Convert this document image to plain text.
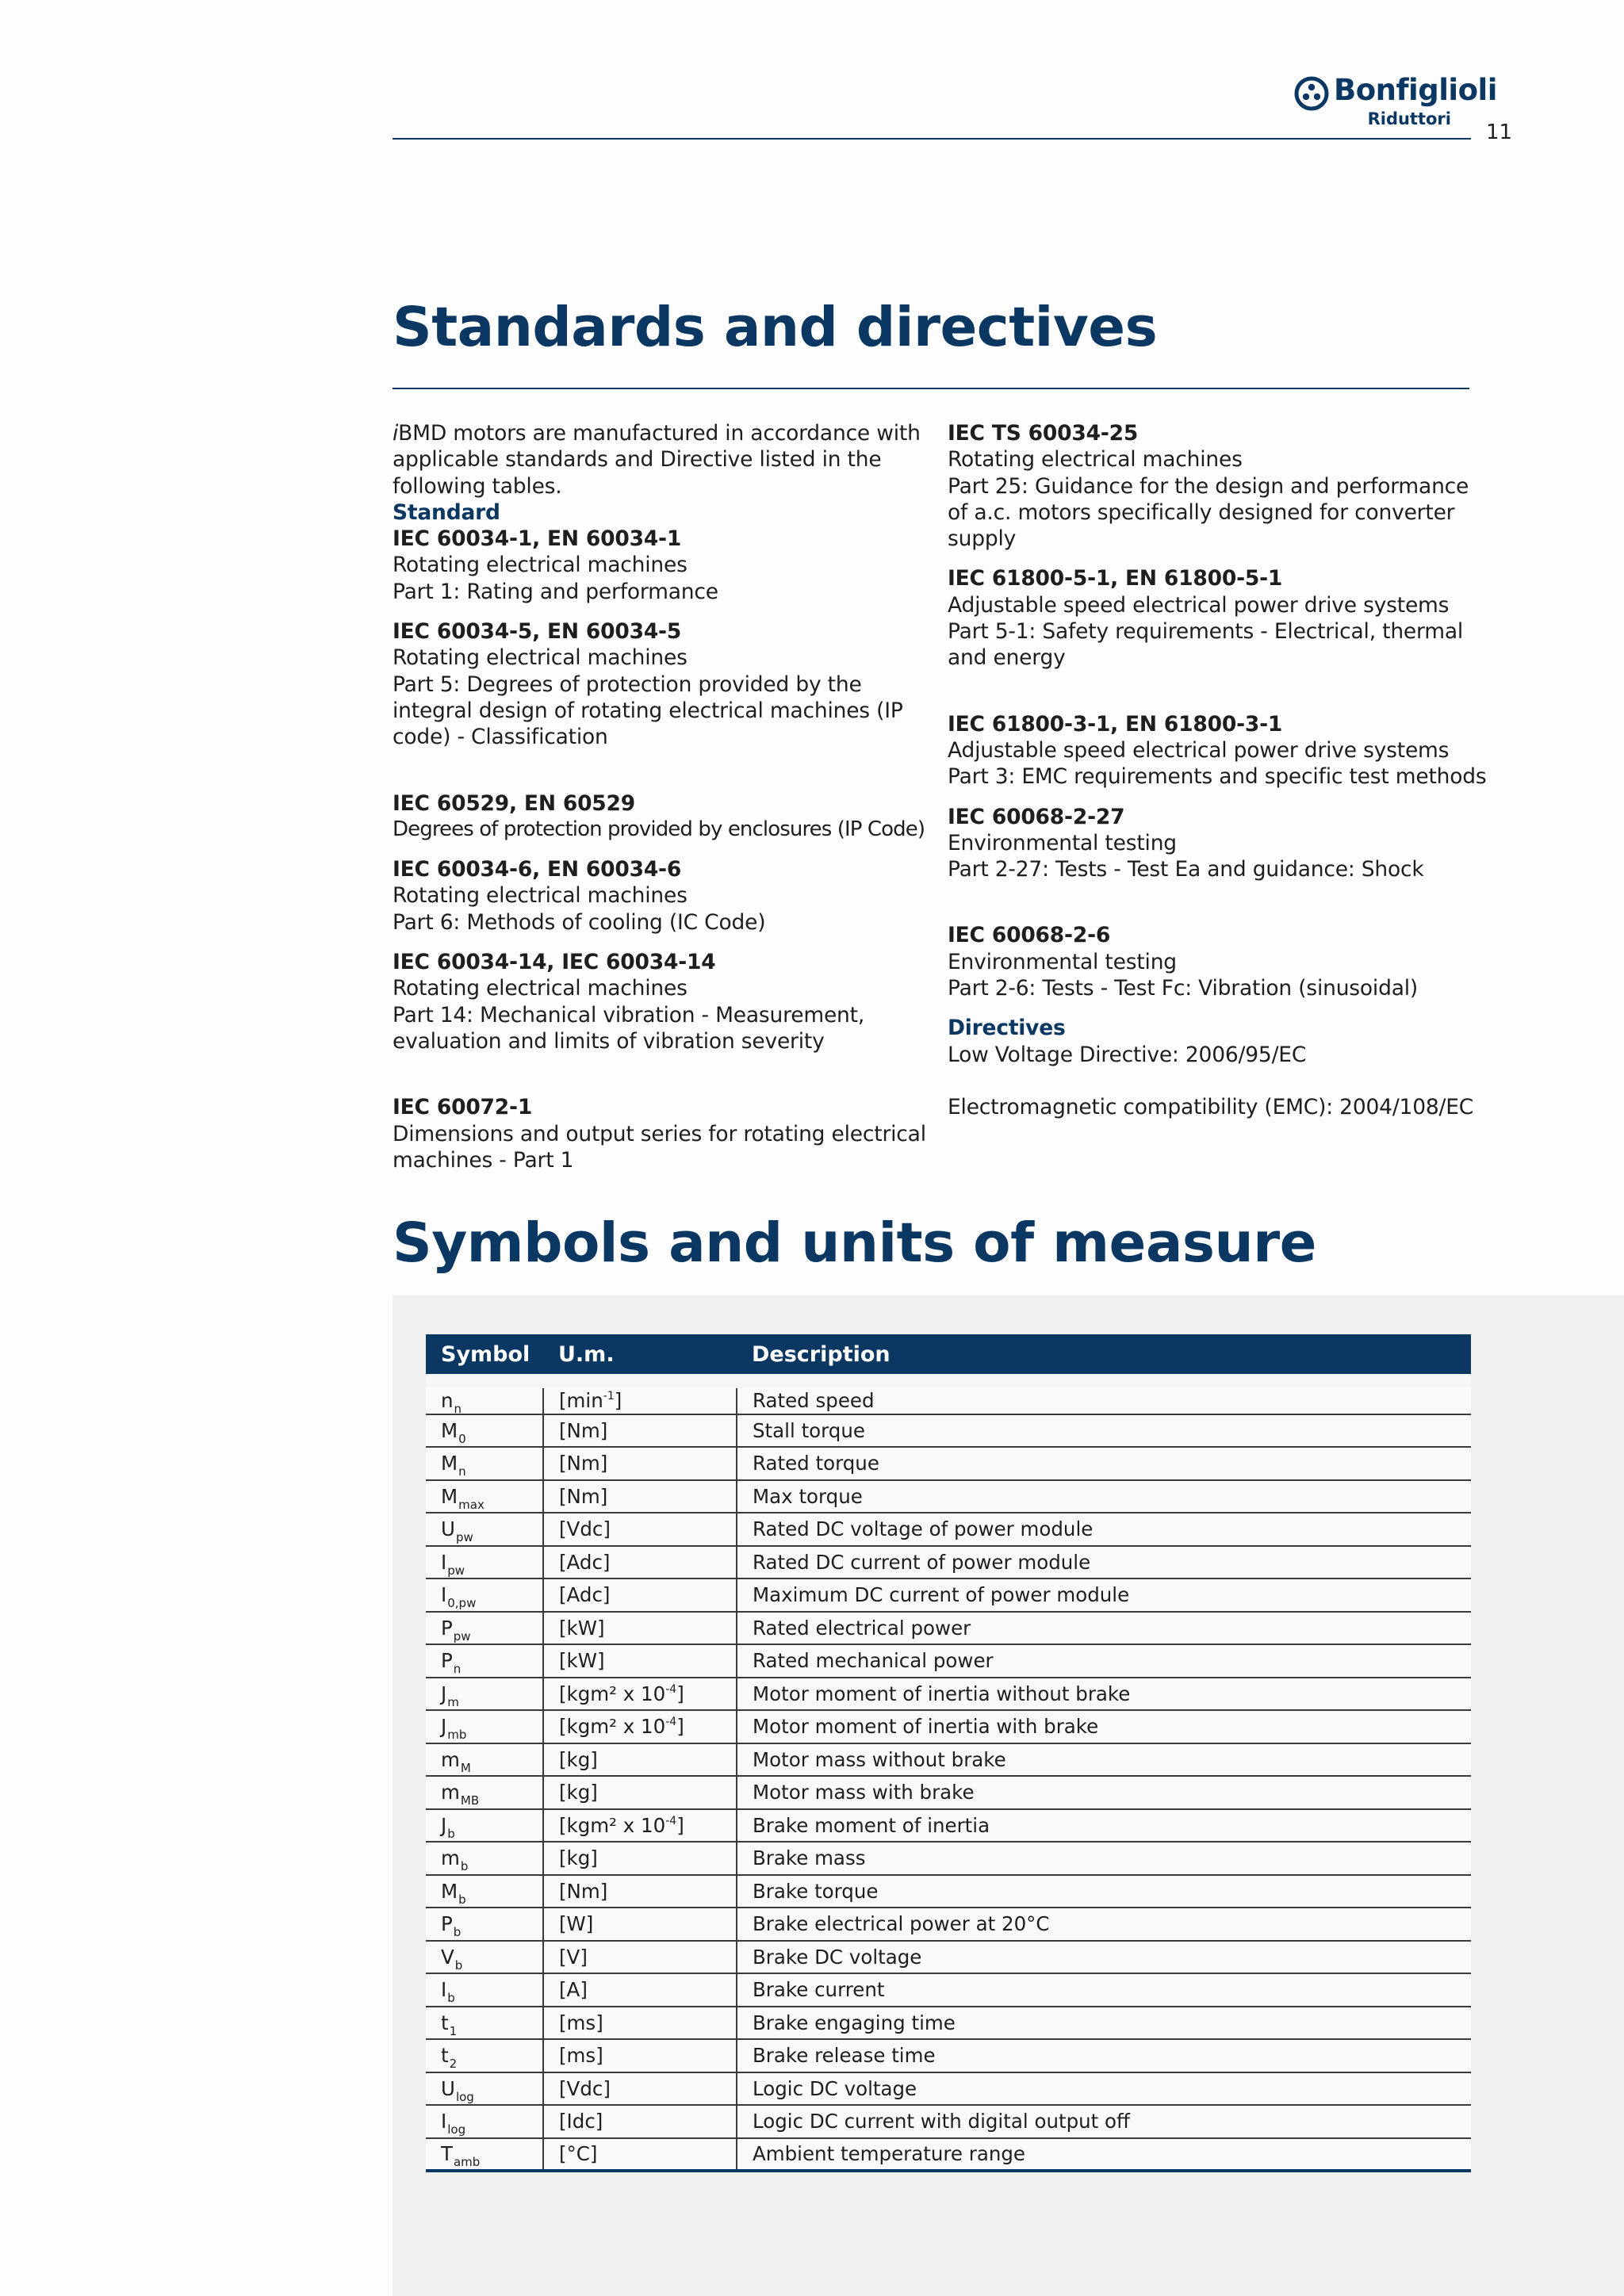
Bonfiglioli
Riduttori
11
Standards and directives

iBMD motors are manufactured in accordance with applicable standards and Directive listed in the following tables.

Standard

IEC 60034-1, EN 60034-1

Rotating electrical machines

Part 1: Rating and performance

IEC 60034-5, EN 60034-5

Rotating electrical machines

Part 5: Degrees of protection provided by the integral design of rotating electrical machines (IP code) - Classification

IEC 60529, EN 60529

Degrees of protection provided by enclosures (IP Code)

IEC 60034-6, EN 60034-6

Rotating electrical machines

Part 6: Methods of cooling (IC Code)

IEC 60034-14, IEC 60034-14

Rotating electrical machines

Part 14: Mechanical vibration - Measurement, evaluation and limits of vibration severity

IEC 60072-1

Dimensions and output series for rotating electrical machines - Part 1

IEC TS 60034-25

Rotating electrical machines

Part 25: Guidance for the design and performance of a.c. motors specifically designed for converter supply

IEC 61800-5-1, EN 61800-5-1

Adjustable speed electrical power drive systems

Part 5-1: Safety requirements - Electrical, thermal and energy

IEC 61800-3-1, EN 61800-3-1

Adjustable speed electrical power drive systems

Part 3: EMC requirements and specific test methods

IEC 60068-2-27

Environmental testing

Part 2-27: Tests - Test Ea and guidance: Shock

IEC 60068-2-6

Environmental testing

Part 2-6: Tests - Test Fc: Vibration (sinusoidal)

Directives

Low Voltage Directive: 2006/95/EC

Electromagnetic compatibility (EMC): 2004/108/EC

Symbols and units of measure
Symbol	U.m.	Description
$n_n$	$[\min^{-1}]$	Rated speed
$M_0$	[Nm]	Stall torque
$M_n$	[Nm]	Rated torque
$M_{max}$	[Nm]	Max torque
$U_{pw}$	[Vdc]	Rated DC voltage of power module
$I_{pw}$	[Adc]	Rated DC current of power module
$I_{0,pw}$	[Adc]	Maximum DC current of power module
$P_{pw}$	[kW]	Rated electrical power
$P_n$	[kW]	Rated mechanical power
$J_m$	[kgm² x $10^{-4}$]	Motor moment of inertia without brake
$J_{mb}$	[kgm² x $10^{-4}$]	Motor moment of inertia with brake
$m_M$	[kg]	Motor mass without brake
$m_{MB}$	[kg]	Motor mass with brake
$J_b$	[kgm² x $10^{-4}$]	Brake moment of inertia
$m_b$	[kg]	Brake mass
$M_b$	[Nm]	Brake torque
$P_b$	[W]	Brake electrical power at 20°C
$V_b$	[V]	Brake DC voltage
$I_b$	[A]	Brake current
$t_1$	[ms]	Brake engaging time
$t_2$	[ms]	Brake release time
$U_{log}$	[Vdc]	Logic DC voltage
$I_{log}$	[Idc]	Logic DC current with digital output off
$T_{amb}$	[°C]	Ambient temperature range
